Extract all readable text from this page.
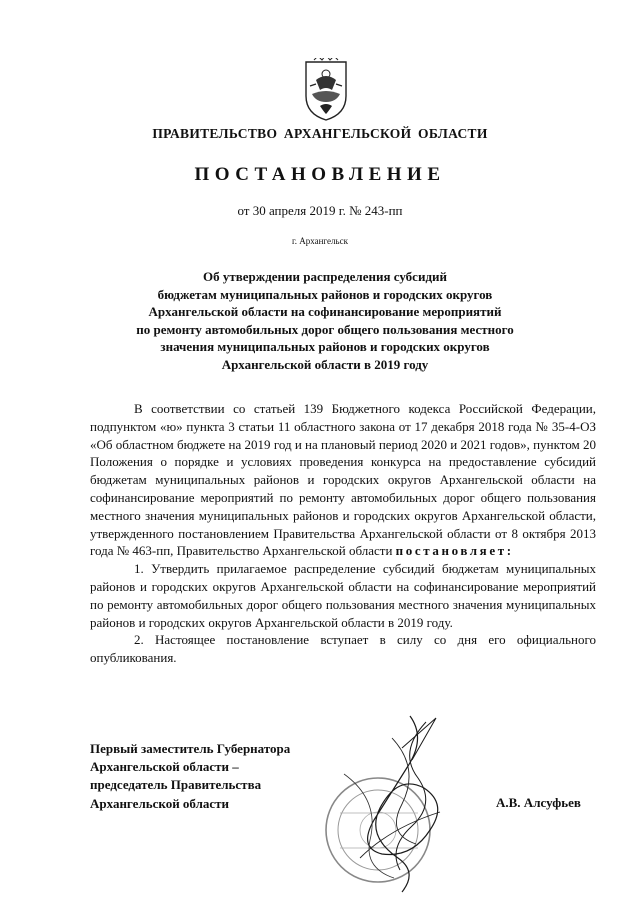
ПРАВИТЕЛЬСТВО АРХАНГЕЛЬСКОЙ ОБЛАСТИ
ПОСТАНОВЛЕНИЕ
от 30 апреля 2019 г. № 243-пп
г. Архангельск
Об утверждении распределения субсидий
бюджетам муниципальных районов и городских округов
Архангельской области на софинансирование мероприятий
по ремонту автомобильных дорог общего пользования местного
значения муниципальных районов и городских округов
Архангельской области в 2019 году

В соответствии со статьей 139 Бюджетного кодекса Российской Федерации, подпунктом «ю» пункта 3 статьи 11 областного закона от 17 декабря 2018 года № 35-4-ОЗ «Об областном бюджете на 2019 год и на плановый период 2020 и 2021 годов», пунктом 20 Положения о порядке и условиях проведения конкурса на предоставление субсидий бюджетам муниципальных районов и городских округов Архангельской области на софинансирование мероприятий по ремонту автомобильных дорог общего пользования местного значения муниципальных районов и городских округов Архангельской области, утвержденного постановлением Правительства Архангельской области от 8 октября 2013 года № 463-пп, Правительство Архангельской области постановляет:

1. Утвердить прилагаемое распределение субсидий бюджетам муниципальных районов и городских округов Архангельской области на софинансирование мероприятий по ремонту автомобильных дорог общего пользования местного значения муниципальных районов и городских округов Архангельской области в 2019 году.

2. Настоящее постановление вступает в силу со дня его официального опубликования.

Первый заместитель Губернатора
Архангельской области –
председатель Правительства
Архангельской области	А.В. Алсуфьев
